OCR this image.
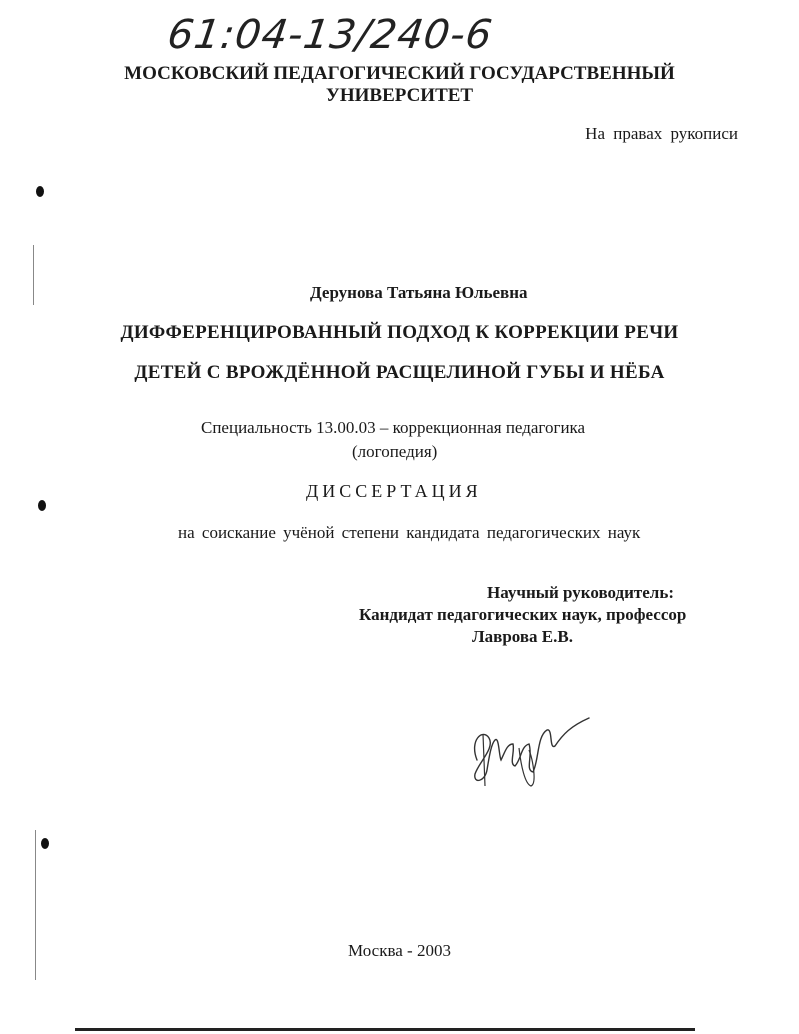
61:04-13/240-6
МОСКОВСКИЙ ПЕДАГОГИЧЕСКИЙ ГОСУДАРСТВЕННЫЙ
УНИВЕРСИТЕТ
На правах рукописи
Дерунова Татьяна Юльевна
ДИФФЕРЕНЦИРОВАННЫЙ ПОДХОД К КОРРЕКЦИИ РЕЧИ
ДЕТЕЙ С ВРОЖДЁННОЙ РАСЩЕЛИНОЙ ГУБЫ И НЁБА
Специальность 13.00.03 – коррекционная педагогика
(логопедия)
ДИССЕРТАЦИЯ
на соискание учёной степени кандидата педагогических наук
Научный руководитель:
Кандидат педагогических наук, профессор
Лаврова Е.В.
Москва - 2003
